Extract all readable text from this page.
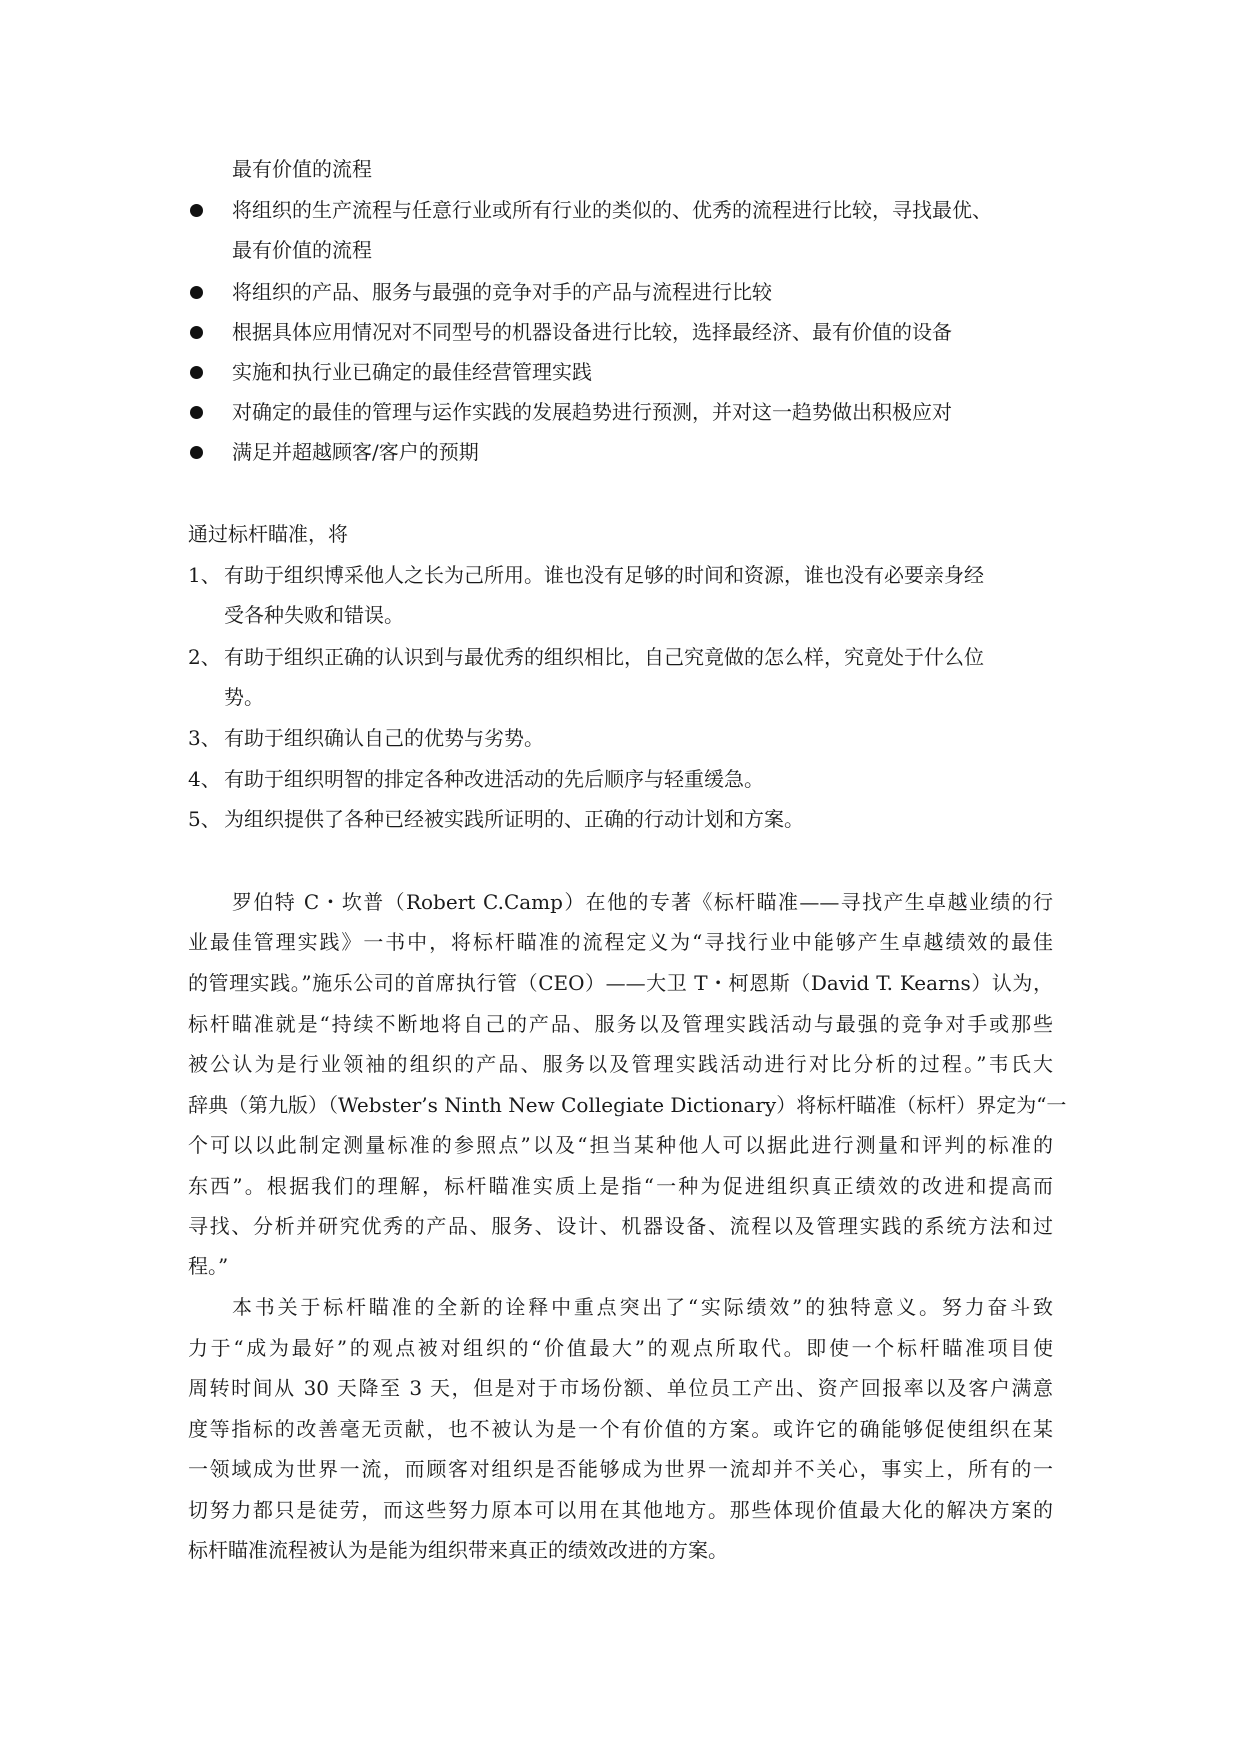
最有价值的流程
将组织的生产流程与任意行业或所有行业的类似的、优秀的流程进行比较，寻找最优、
最有价值的流程
将组织的产品、服务与最强的竞争对手的产品与流程进行比较
根据具体应用情况对不同型号的机器设备进行比较，选择最经济、最有价值的设备
实施和执行业已确定的最佳经营管理实践
对确定的最佳的管理与运作实践的发展趋势进行预测，并对这一趋势做出积极应对
满足并超越顾客/客户的预期
通过标杆瞄准，将
1、 有助于组织博采他人之长为己所用。谁也没有足够的时间和资源，谁也没有必要亲身经
受各种失败和错误。
2、 有助于组织正确的认识到与最优秀的组织相比，自己究竟做的怎么样，究竟处于什么位
势。
3、 有助于组织确认自己的优势与劣势。
4、 有助于组织明智的排定各种改进活动的先后顺序与轻重缓急。
5、 为组织提供了各种已经被实践所证明的、正确的行动计划和方案。
罗伯特 C・坎普（Robert C.Camp）在他的专著《标杆瞄准——寻找产生卓越业绩的行
业最佳管理实践》一书中，将标杆瞄准的流程定义为“寻找行业中能够产生卓越绩效的最佳
的管理实践。”施乐公司的首席执行管（CEO）——大卫 T・柯恩斯（David T. Kearns）认为，
标杆瞄准就是“持续不断地将自己的产品、服务以及管理实践活动与最强的竞争对手或那些
被公认为是行业领袖的组织的产品、服务以及管理实践活动进行对比分析的过程。”韦氏大
辞典（第九版）（Webster’s Ninth New Collegiate Dictionary）将标杆瞄准（标杆）界定为“一
个可以以此制定测量标准的参照点”以及“担当某种他人可以据此进行测量和评判的标准的
东西”。根据我们的理解，标杆瞄准实质上是指“一种为促进组织真正绩效的改进和提高而
寻找、分析并研究优秀的产品、服务、设计、机器设备、流程以及管理实践的系统方法和过
程。”
本书关于标杆瞄准的全新的诠释中重点突出了“实际绩效”的独特意义。努力奋斗致
力于“成为最好”的观点被对组织的“价值最大”的观点所取代。即使一个标杆瞄准项目使
周转时间从 30 天降至 3 天，但是对于市场份额、单位员工产出、资产回报率以及客户满意
度等指标的改善毫无贡献，也不被认为是一个有价值的方案。或许它的确能够促使组织在某
一领域成为世界一流，而顾客对组织是否能够成为世界一流却并不关心，事实上，所有的一
切努力都只是徒劳，而这些努力原本可以用在其他地方。那些体现价值最大化的解决方案的
标杆瞄准流程被认为是能为组织带来真正的绩效改进的方案。
